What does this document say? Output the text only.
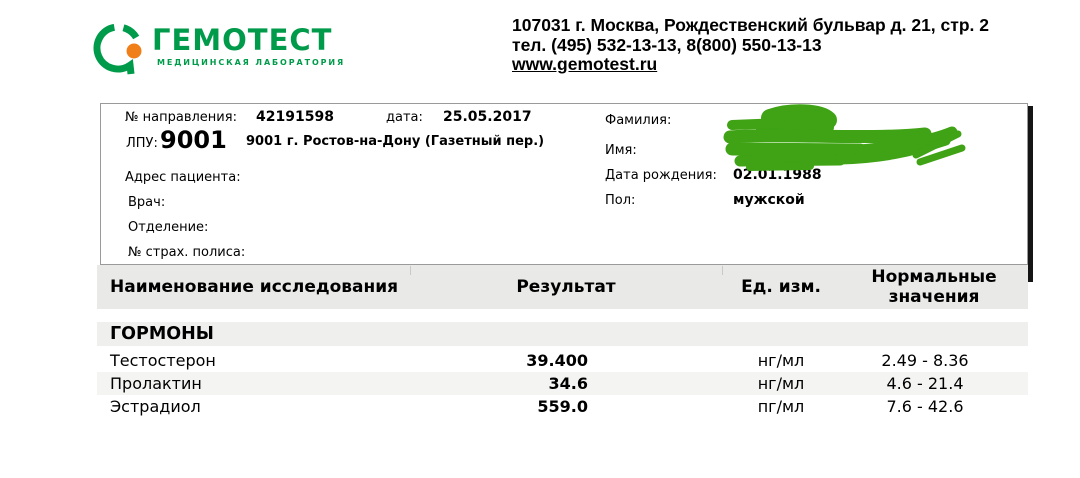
ГЕМОТЕСТ
МЕДИЦИНСКАЯ ЛАБОРАТОРИЯ
107031 г. Москва, Рождественский бульвар д. 21, стр. 2
тел. (495) 532-13-13, 8(800) 550-13-13
www.gemotest.ru
№ направления: 42191598	дата: 25.05.2017
ЛПУ: 9001 9001 г. Ростов-на-Дону (Газетный пер.)
Адрес пациента:
Врач:
Отделение:
№ страх. полиса:
Фамилия:
Имя:
Дата рождения: 02.01.1988
Пол:	мужской
Наименование исследования	Результат	Ед. изм.	Нормальные значения
ГОРМОНЫ
Тестостерон	39.400	нг/мл	2.49 - 8.36
Пролактин	34.6	нг/мл	4.6 - 21.4
Эстрадиол	559.0	пг/мл	7.6 - 42.6
